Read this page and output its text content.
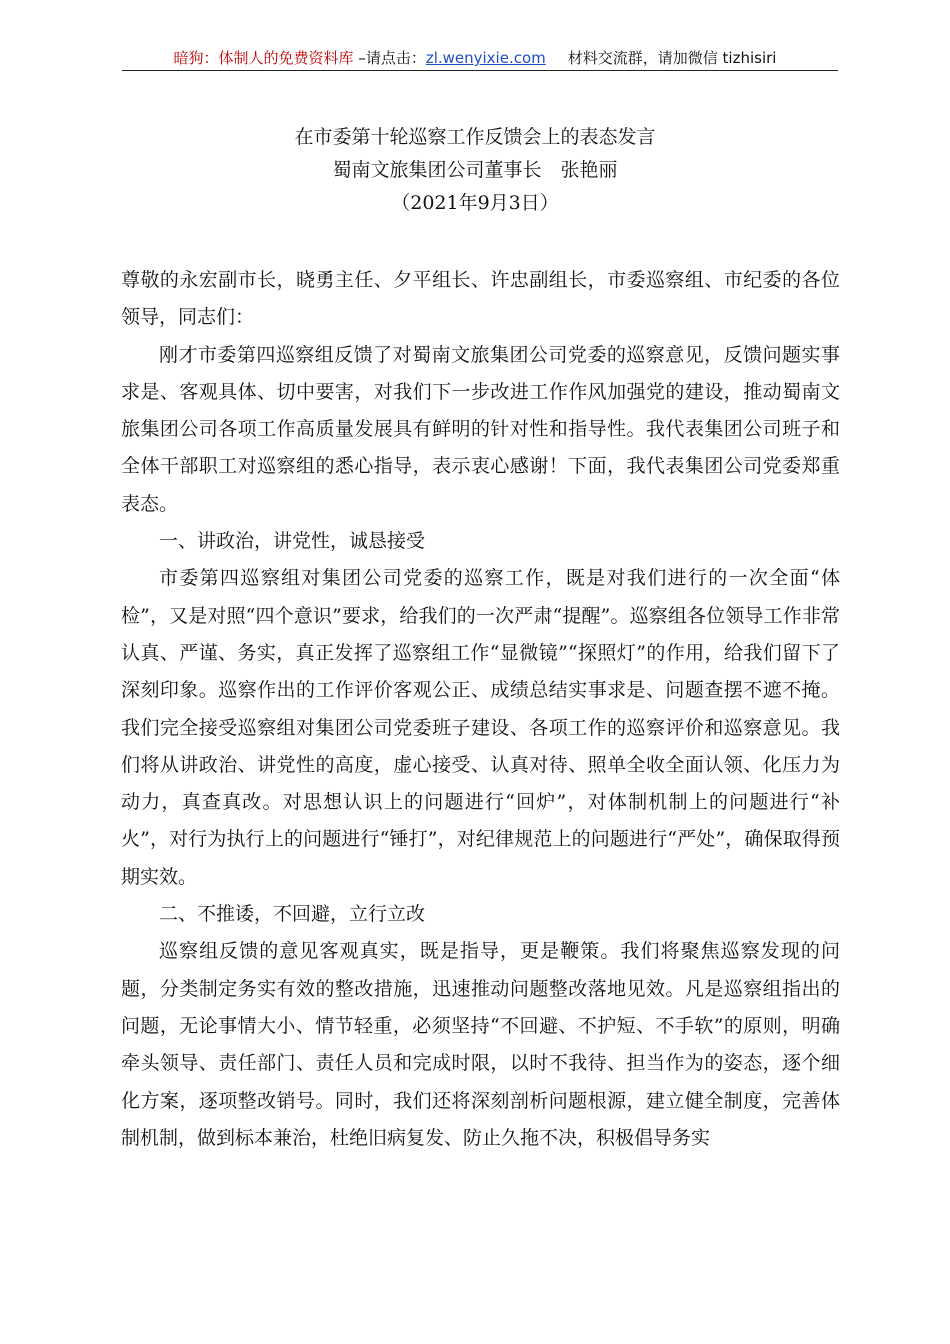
暗狗：体制人的免费资料库 –请点击：zl.wenyixie.com 材料交流群，请加微信 tizhisiri
在市委第十轮巡察工作反馈会上的表态发言
蜀南文旅集团公司董事长　张艳丽
（2021年9月3日）

尊敬的永宏副市长，晓勇主任、夕平组长、许忠副组长，市委巡察组、市纪委的各位领导，同志们：

刚才市委第四巡察组反馈了对蜀南文旅集团公司党委的巡察意见，反馈问题实事求是、客观具体、切中要害，对我们下一步改进工作作风加强党的建设，推动蜀南文旅集团公司各项工作高质量发展具有鲜明的针对性和指导性。我代表集团公司班子和全体干部职工对巡察组的悉心指导，表示衷心感谢！下面，我代表集团公司党委郑重表态。

一、讲政治，讲党性，诚恳接受

市委第四巡察组对集团公司党委的巡察工作，既是对我们进行的一次全面“体检”，又是对照“四个意识”要求，给我们的一次严肃“提醒”。巡察组各位领导工作非常认真、严谨、务实，真正发挥了巡察组工作“显微镜”“探照灯”的作用，给我们留下了深刻印象。巡察作出的工作评价客观公正、成绩总结实事求是、问题查摆不遮不掩。我们完全接受巡察组对集团公司党委班子建设、各项工作的巡察评价和巡察意见。我们将从讲政治、讲党性的高度，虚心接受、认真对待、照单全收全面认领、化压力为动力，真查真改。对思想认识上的问题进行“回炉”，对体制机制上的问题进行“补火”，对行为执行上的问题进行“锤打”，对纪律规范上的问题进行“严处”，确保取得预期实效。

二、不推诿，不回避，立行立改

巡察组反馈的意见客观真实，既是指导，更是鞭策。我们将聚焦巡察发现的问题，分类制定务实有效的整改措施，迅速推动问题整改落地见效。凡是巡察组指出的问题，无论事情大小、情节轻重，必须坚持“不回避、不护短、不手软”的原则，明确牵头领导、责任部门、责任人员和完成时限，以时不我待、担当作为的姿态，逐个细化方案，逐项整改销号。同时，我们还将深刻剖析问题根源，建立健全制度，完善体制机制，做到标本兼治，杜绝旧病复发、防止久拖不决，积极倡导务实
